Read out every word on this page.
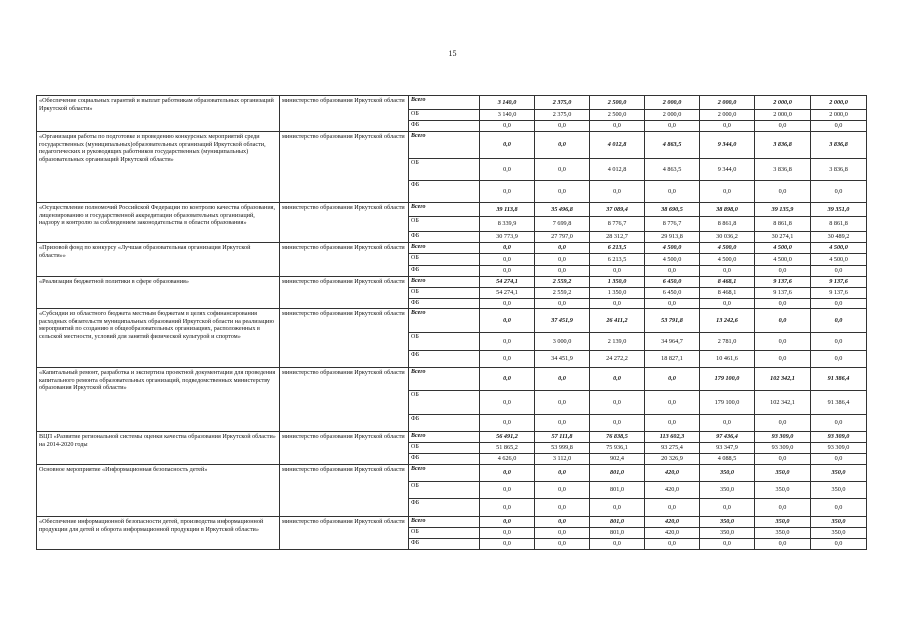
15
«Обеспечение социальных гарантий и выплат работникам образовательных организаций Иркутской области»	министерство образования Иркутской области	Всего	3 140,0	2 375,0	2 500,0	2 000,0	2 000,0	2 000,0	2 000,0
		ОБ	3 140,0	2 375,0	2 500,0	2 000,0	2 000,0	2 000,0	2 000,0
		ФБ	0,0	0,0	0,0	0,0	0,0	0,0	0,0
«Организация работы по подготовке и проведению конкурсных мероприятий среди государственных (муниципальных)образовательных организаций Иркутской области, педагогических и руководящих работников государственных (муниципальных) образовательных организаций Иркутской области»	министерство образования Иркутской области	Всего	0,0	0,0	4 012,8	4 863,5	9 344,0	3 836,8	3 836,8
		ОБ	0,0	0,0	4 012,8	4 863,5	9 344,0	3 836,8	3 836,8
		ФБ	0,0	0,0	0,0	0,0	0,0	0,0	0,0
«Осуществление полномочий Российской Федерации по контролю качества образования, лицензированию и государственной аккредитации образовательных организаций, надзору и контролю за соблюдением законодательства в области образования»	министерство образования Иркутской области	Всего	39 113,8	35 496,8	37 089,4	38 690,5	38 898,0	39 135,9	39 351,0
		ОБ	8 339,9	7 699,8	8 776,7	8 776,7	8 861,8	8 861,8	8 861,8
		ФБ	30 773,9	27 797,0	28 312,7	29 913,8	30 036,2	30 274,1	30 489,2
«Призовой фонд по конкурсу «Лучшая образовательная организация Иркутской области»»	министерство образования Иркутской области	Всего	0,0	0,0	6 213,5	4 500,0	4 500,0	4 500,0	4 500,0
		ОБ	0,0	0,0	6 213,5	4 500,0	4 500,0	4 500,0	4 500,0
		ФБ	0,0	0,0	0,0	0,0	0,0	0,0	0,0
«Реализация бюджетной политики в сфере образования»	министерство образования Иркутской области	Всего	54 274,1	2 559,2	1 350,0	6 450,0	8 468,1	9 137,6	9 137,6
		ОБ	54 274,1	2 559,2	1 350,0	6 450,0	8 468,1	9 137,6	9 137,6
		ФБ	0,0	0,0	0,0	0,0	0,0	0,0	0,0
«Субсидии из областного бюджета местным бюджетам в целях софинансирования расходных обязательств муниципальных образований Иркутской области на реализацию мероприятий по созданию в общеобразовательных организациях, расположенных в сельской местности, условий для занятий физической культурой и спортом»	министерство образования Иркутской области	Всего	0,0	37 451,9	26 411,2	53 791,8	13 242,6	0,0	0,0
		ОБ	0,0	3 000,0	2 139,0	34 964,7	2 781,0	0,0	0,0
		ФБ	0,0	34 451,9	24 272,2	18 827,1	10 461,6	0,0	0,0
«Капитальный ремонт, разработка и экспертиза проектной документации для проведения капитального ремонта образовательных организаций, подведомственных министерству образования Иркутской области»	министерство образования Иркутской области	Всего	0,0	0,0	0,0	0,0	179 100,0	102 342,1	91 386,4
		ОБ	0,0	0,0	0,0	0,0	179 100,0	102 342,1	91 386,4
		ФБ	0,0	0,0	0,0	0,0	0,0	0,0	0,0
ВЦП «Развитие региональной системы оценки качества образования Иркутской области» на 2014-2020 годы	министерство образования Иркутской области	Всего	56 491,2	57 111,8	76 838,5	113 602,3	97 436,4	93 309,0	93 309,0
		ОБ	51 865,2	53 999,8	75 936,1	93 275,4	93 347,9	93 309,0	93 309,0
		ФБ	4 626,0	3 112,0	902,4	20 326,9	4 088,5	0,0	0,0
Основное мероприятие «Информационная безопасность детей»	министерство образования Иркутской области	Всего	0,0	0,0	801,0	420,0	350,0	350,0	350,0
		ОБ	0,0	0,0	801,0	420,0	350,0	350,0	350,0
		ФБ	0,0	0,0	0,0	0,0	0,0	0,0	0,0
«Обеспечение информационной безопасности детей, производства информационной продукции для детей и оборота информационной продукции в Иркутской области»	министерство образования Иркутской области	Всего	0,0	0,0	801,0	420,0	350,0	350,0	350,0
		ОБ	0,0	0,0	801,0	420,0	350,0	350,0	350,0
		ФБ	0,0	0,0	0,0	0,0	0,0	0,0	0,0
